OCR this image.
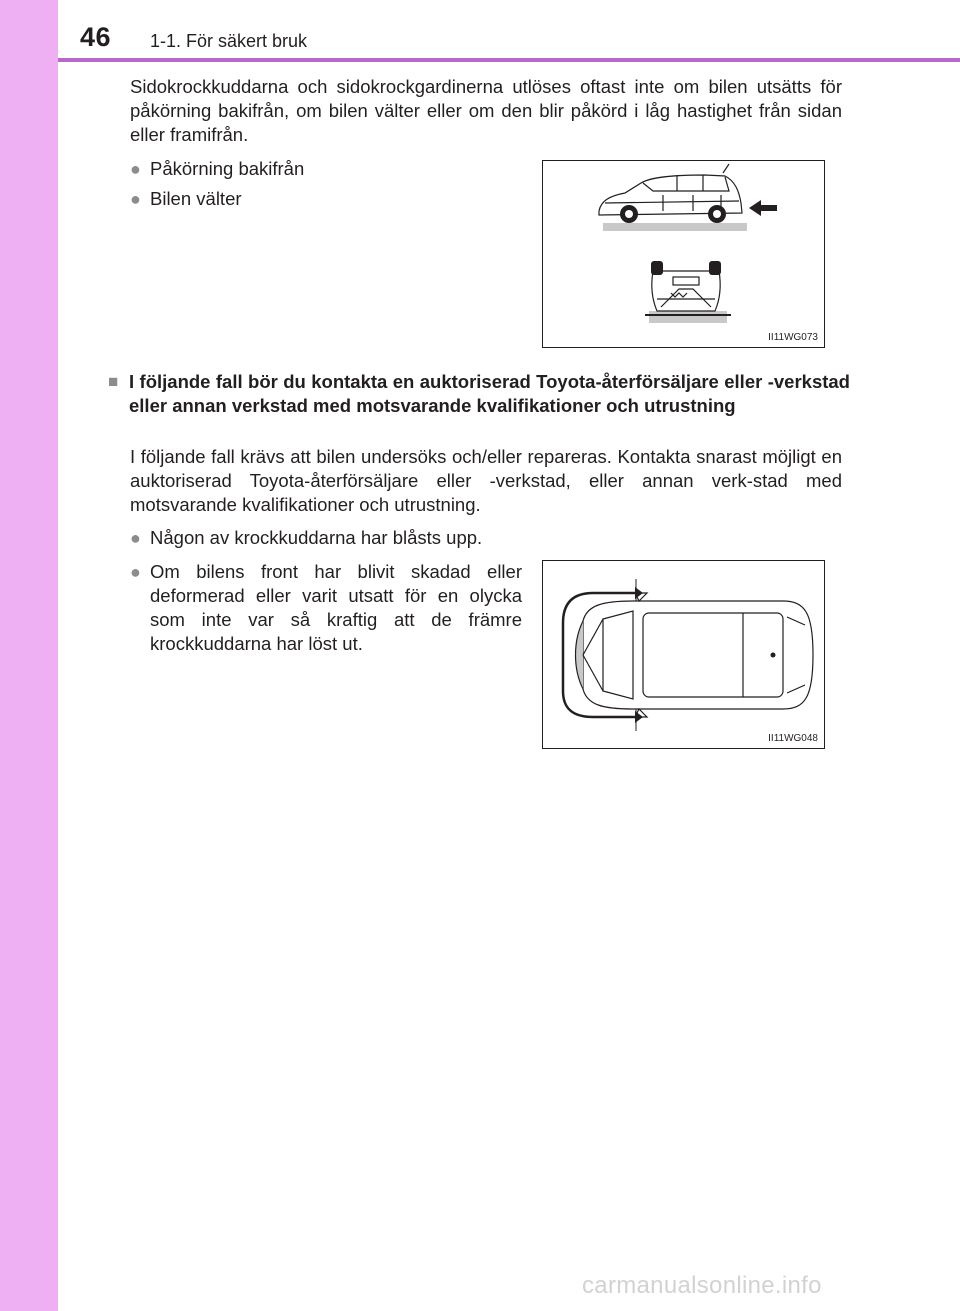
46 1-1. För säkert bruk

Sidokrockkuddarna och sidokrockgardinerna utlöses oftast inte om bilen utsätts för påkörning bakifrån, om bilen välter eller om den blir påkörd i låg hastighet från sidan eller framifrån.

● Påkörning bakifrån
● Bilen välter
II11WG073
■ I följande fall bör du kontakta en auktoriserad Toyota-återförsäljare eller -verkstad eller annan verkstad med motsvarande kvalifikationer och utrustning

I följande fall krävs att bilen undersöks och/eller repareras. Kontakta snarast möjligt en auktoriserad Toyota-återförsäljare eller -verkstad, eller annan verk-stad med motsvarande kvalifikationer och utrustning.

● Någon av krockkuddarna har blåsts upp.
● Om bilens front har blivit skadad eller deformerad eller varit utsatt för en olycka som inte var så kraftig att de främre krockkuddarna har löst ut.
II11WG048
carmanualsonline.info
